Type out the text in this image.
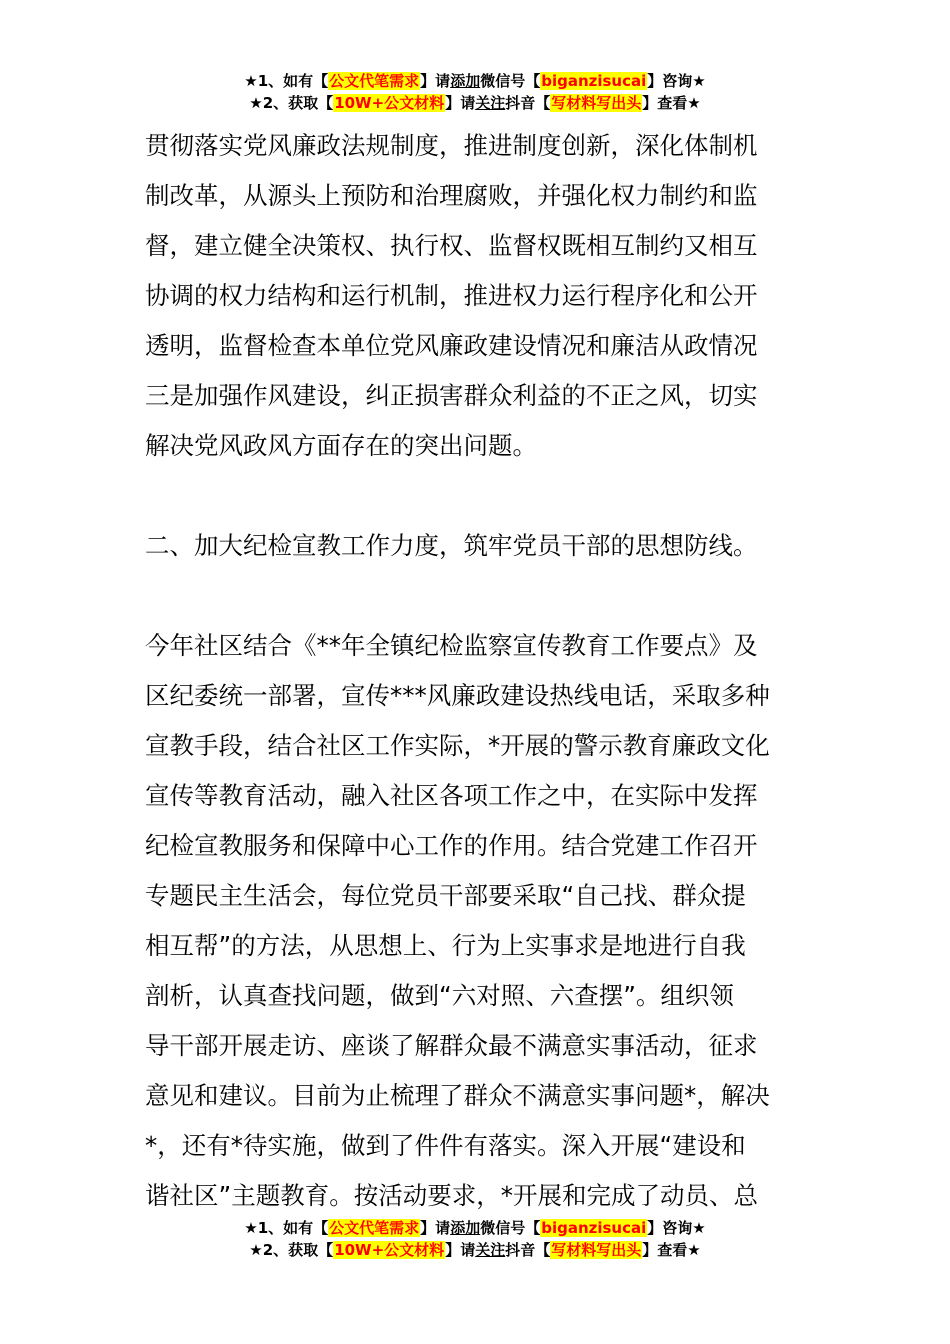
★1、如有【公文代笔需求】请添加微信号【biganzisucai】咨询★
★2、获取【10W+公文材料】请关注抖音【写材料写出头】查看★
贯彻落实党风廉政法规制度，推进制度创新，深化体制机
制改革，从源头上预防和治理腐败，并强化权力制约和监
督，建立健全决策权、执行权、监督权既相互制约又相互
协调的权力结构和运行机制，推进权力运行程序化和公开
透明，监督检查本单位党风廉政建设情况和廉洁从政情况
三是加强作风建设，纠正损害群众利益的不正之风，切实
解决党风政风方面存在的突出问题。
二、加大纪检宣教工作力度，筑牢党员干部的思想防线。
今年社区结合《**年全镇纪检监察宣传教育工作要点》及
区纪委统一部署，宣传***风廉政建设热线电话，采取多种
宣教手段，结合社区工作实际，*开展的警示教育廉政文化
宣传等教育活动，融入社区各项工作之中，在实际中发挥
纪检宣教服务和保障中心工作的作用。结合党建工作召开
专题民主生活会，每位党员干部要采取“自己找、群众提
相互帮”的方法，从思想上、行为上实事求是地进行自我
剖析，认真查找问题，做到“六对照、六查摆”。组织领
导干部开展走访、座谈了解群众最不满意实事活动，征求
意见和建议。目前为止梳理了群众不满意实事问题*，解决
*，还有*待实施，做到了件件有落实。深入开展“建设和
谐社区”主题教育。按活动要求，*开展和完成了动员、总
★1、如有【公文代笔需求】请添加微信号【biganzisucai】咨询★
★2、获取【10W+公文材料】请关注抖音【写材料写出头】查看★
